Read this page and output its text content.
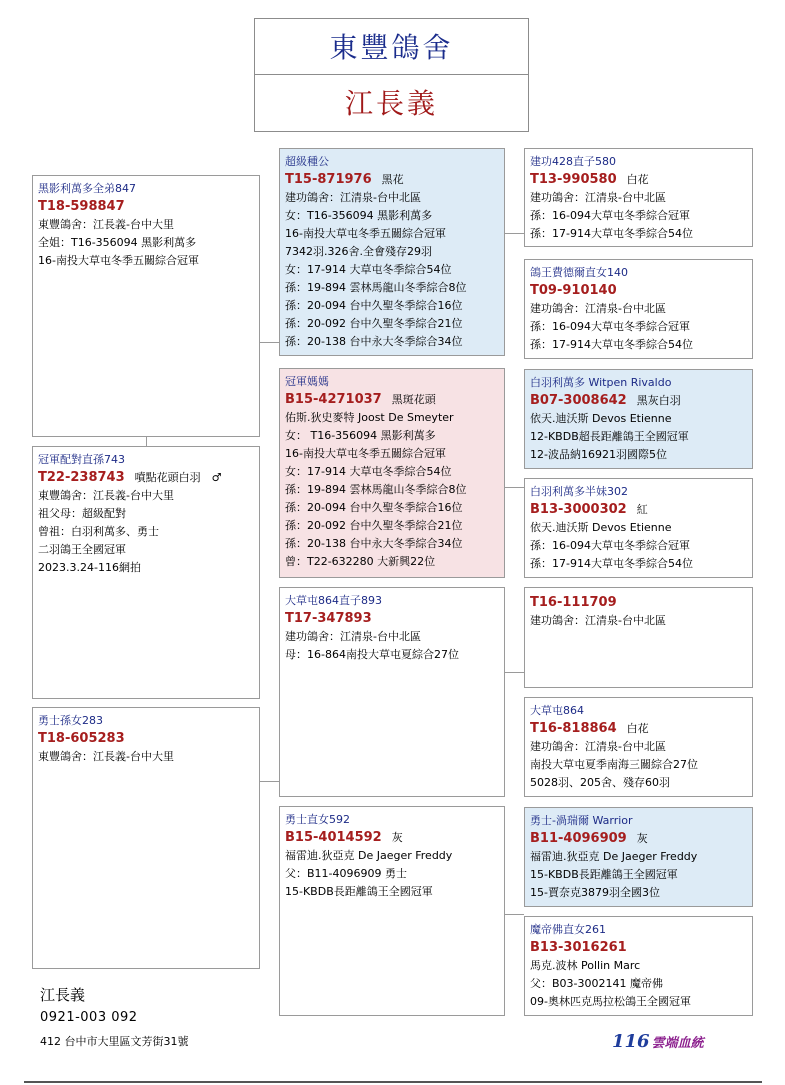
東豐鴿舍
江長義
黑影利萬多全弟847
T18-598847
東豐鴿舍：江長義-台中大里
全姐：T16-356094 黑影利萬多
16-南投大草屯冬季五關綜合冠軍
冠軍配對直孫743
T22-238743 噴點花頭白羽　♂
東豐鴿舍：江長義-台中大里
祖父母：超級配對
曾祖：白羽利萬多、勇士
二羽鴿王全國冠軍
2023.3.24-116網拍
勇士孫女283
T18-605283
東豐鴿舍：江長義-台中大里
超級種公
T15-871976 黑花
建功鴿舍：江清泉-台中北區
女：T16-356094 黑影利萬多
16-南投大草屯冬季五關綜合冠軍
7342羽.326舍.全會殘存29羽
女：17-914 大草屯冬季綜合54位
孫：19-894 雲林馬龍山冬季綜合8位
孫：20-094 台中久聖冬季綜合16位
孫：20-092 台中久聖冬季綜合21位
孫：20-138 台中永大冬季綜合34位
冠軍媽媽
B15-4271037 黑斑花頭
佑斯.狄史麥特 Joost De Smeyter
女： T16-356094 黑影利萬多
16-南投大草屯冬季五關綜合冠軍
女：17-914 大草屯冬季綜合54位
孫：19-894 雲林馬龍山冬季綜合8位
孫：20-094 台中久聖冬季綜合16位
孫：20-092 台中久聖冬季綜合21位
孫：20-138 台中永大冬季綜合34位
曾：T22-632280 大新興22位
大草屯864直子893
T17-347893
建功鴿舍：江清泉-台中北區
母：16-864南投大草屯夏綜合27位
勇士直女592
B15-4014592 灰
福雷迪.狄亞克 De Jaeger Freddy
父：B11-4096909 勇士
15-KBDB長距離鴿王全國冠軍
建功428直子580
T13-990580 白花
建功鴿舍：江清泉-台中北區
孫：16-094大草屯冬季綜合冠軍
孫：17-914大草屯冬季綜合54位
鴿王費德爾直女140
T09-910140
建功鴿舍：江清泉-台中北區
孫：16-094大草屯冬季綜合冠軍
孫：17-914大草屯冬季綜合54位
白羽利萬多 Witpen Rivaldo
B07-3008642 黑灰白羽
依天.迪沃斯 Devos Etienne
12-KBDB超長距離鴿王全國冠軍
12-波品納16921羽國際5位
白羽利萬多半妹302
B13-3000302 紅
依天.迪沃斯 Devos Etienne
孫：16-094大草屯冬季綜合冠軍
孫：17-914大草屯冬季綜合54位
T16-111709
建功鴿舍：江清泉-台中北區
大草屯864
T16-818864 白花
建功鴿舍：江清泉-台中北區
南投大草屯夏季南海三關綜合27位
5028羽、205舍、殘存60羽
勇士-渦瑞爾 Warrior
B11-4096909 灰
福雷迪.狄亞克 De Jaeger Freddy
15-KBDB長距離鴿王全國冠軍
15-賈奈克3879羽全國3位
魔帝佛直女261
B13-3016261
馬克.波林 Pollin Marc
父：B03-3002141 魔帝佛
09-奧林匹克馬拉松鴿王全國冠軍
江長義
0921-003 092
412 台中市大里區文芳街31號	116 雲端血統
